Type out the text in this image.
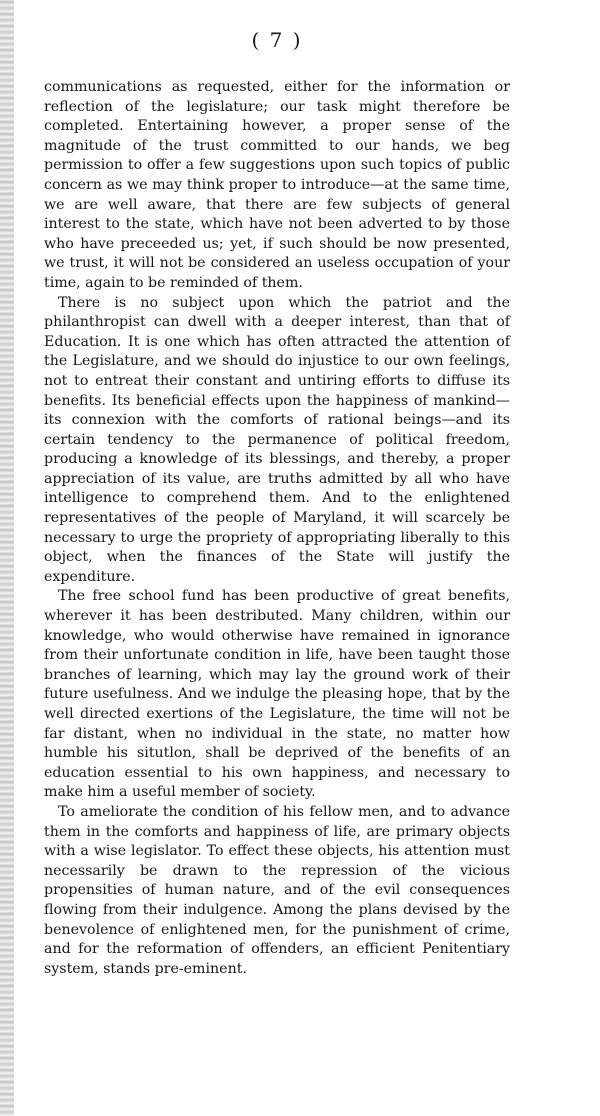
( 7 )

communications as requested, either for the information or reflection of the legislature; our task might therefore be completed. Entertaining however, a proper sense of the magnitude of the trust committed to our hands, we beg permission to offer a few suggestions upon such topics of public concern as we may think proper to introduce—at the same time, we are well aware, that there are few subjects of general interest to the state, which have not been adverted to by those who have preceeded us; yet, if such should be now presented, we trust, it will not be considered an useless occupation of your time, again to be reminded of them.

There is no subject upon which the patriot and the philanthropist can dwell with a deeper interest, than that of Education. It is one which has often attracted the attention of the Legislature, and we should do injustice to our own feelings, not to entreat their constant and untiring efforts to diffuse its benefits. Its beneficial effects upon the happiness of mankind—its connexion with the comforts of rational beings—and its certain tendency to the permanence of political freedom, producing a knowledge of its blessings, and thereby, a proper appreciation of its value, are truths admitted by all who have intelligence to comprehend them. And to the enlightened representatives of the people of Maryland, it will scarcely be necessary to urge the propriety of appropriating liberally to this object, when the finances of the State will justify the expenditure.

The free school fund has been productive of great benefits, wherever it has been destributed. Many children, within our knowledge, who would otherwise have remained in ignorance from their unfortunate condition in life, have been taught those branches of learning, which may lay the ground work of their future usefulness. And we indulge the pleasing hope, that by the well directed exertions of the Legislature, the time will not be far distant, when no individual in the state, no matter how humble his situtlon, shall be deprived of the benefits of an education essential to his own happiness, and necessary to make him a useful member of society.

To ameliorate the condition of his fellow men, and to advance them in the comforts and happiness of life, are primary objects with a wise legislator. To effect these objects, his attention must necessarily be drawn to the repression of the vicious propensities of human nature, and of the evil consequences flowing from their indulgence. Among the plans devised by the benevolence of enlightened men, for the punishment of crime, and for the reformation of offenders, an efficient Penitentiary system, stands pre-eminent.
